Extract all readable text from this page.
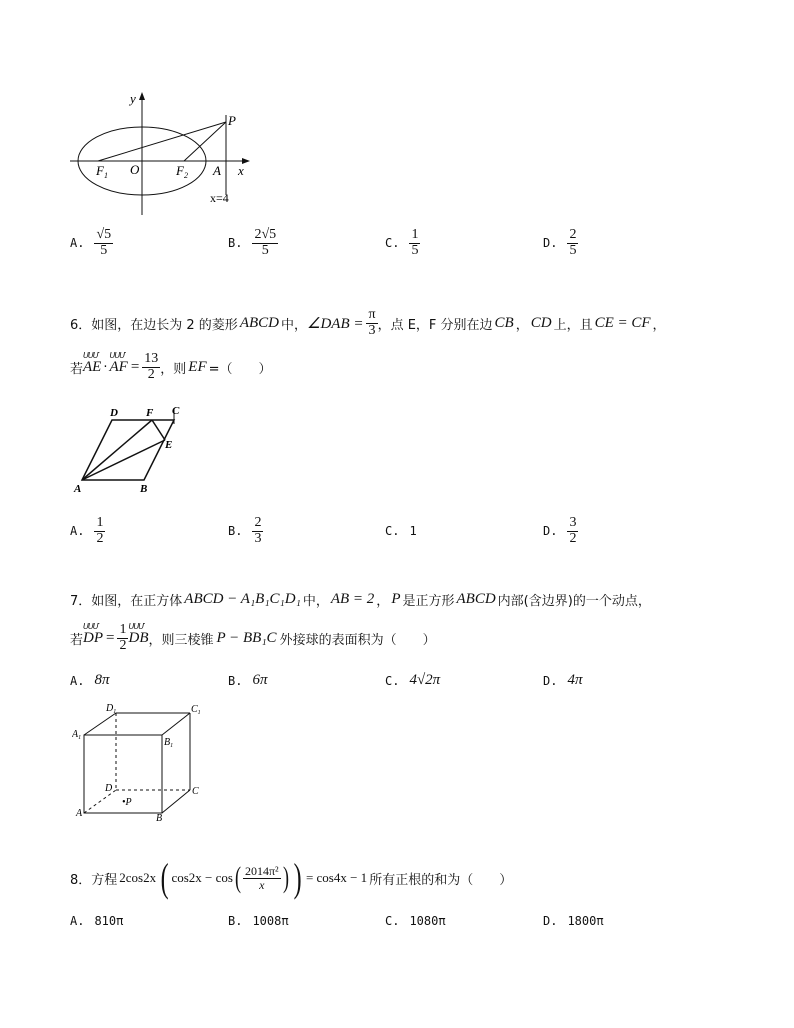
y
x
P
$F_1$ O	$F_2$ A
x=4
A. $\frac{√5}{5}$	B. $\frac{2√5}{5}$	C. $\frac{1}{5}$	D. $\frac{2}{5}$
6．如图，在边长为 2 的菱形 ABCD 中， ∠DAB = $\frac{\pi}{3}$ ，点 E，F 分别在边 CB ， CD 上，且 CE = CF ，
若
ՍՍՄ
AE ·
ՍՍՄ
AF = $\frac{13}{2}$ ，则 EF =（　　）
D	F C
E
A	B
A. $\frac{1}{2}$	B. $\frac{2}{3}$	C. 1	D. $\frac{3}{2}$
7．如图，在正方体 ABCD − A₁B₁C₁D₁ 中， AB = 2 ， P 是正方形 ABCD 内部(含边界)的一个动点，
若
ՍՍՄ
DP = $\frac{1}{2}$ ՍՍՄ
DB ，则三棱锥 P − BB₁C 外接球的表面积为（　　）
A. 8π	B. 6π	C. 4√2π	D. 4π
$D_1$	$C_1$
$A_1$	$B_1$
D	C
•P
A	B
8．方程 2cos2x ( cos2x − cos ( $\frac{\text{2014π²}}{x}$ ) ) = cos4x − 1 所有正根的和为（　　）
A. 810π	B. 1008π	C. 1080π	D. 1800π
